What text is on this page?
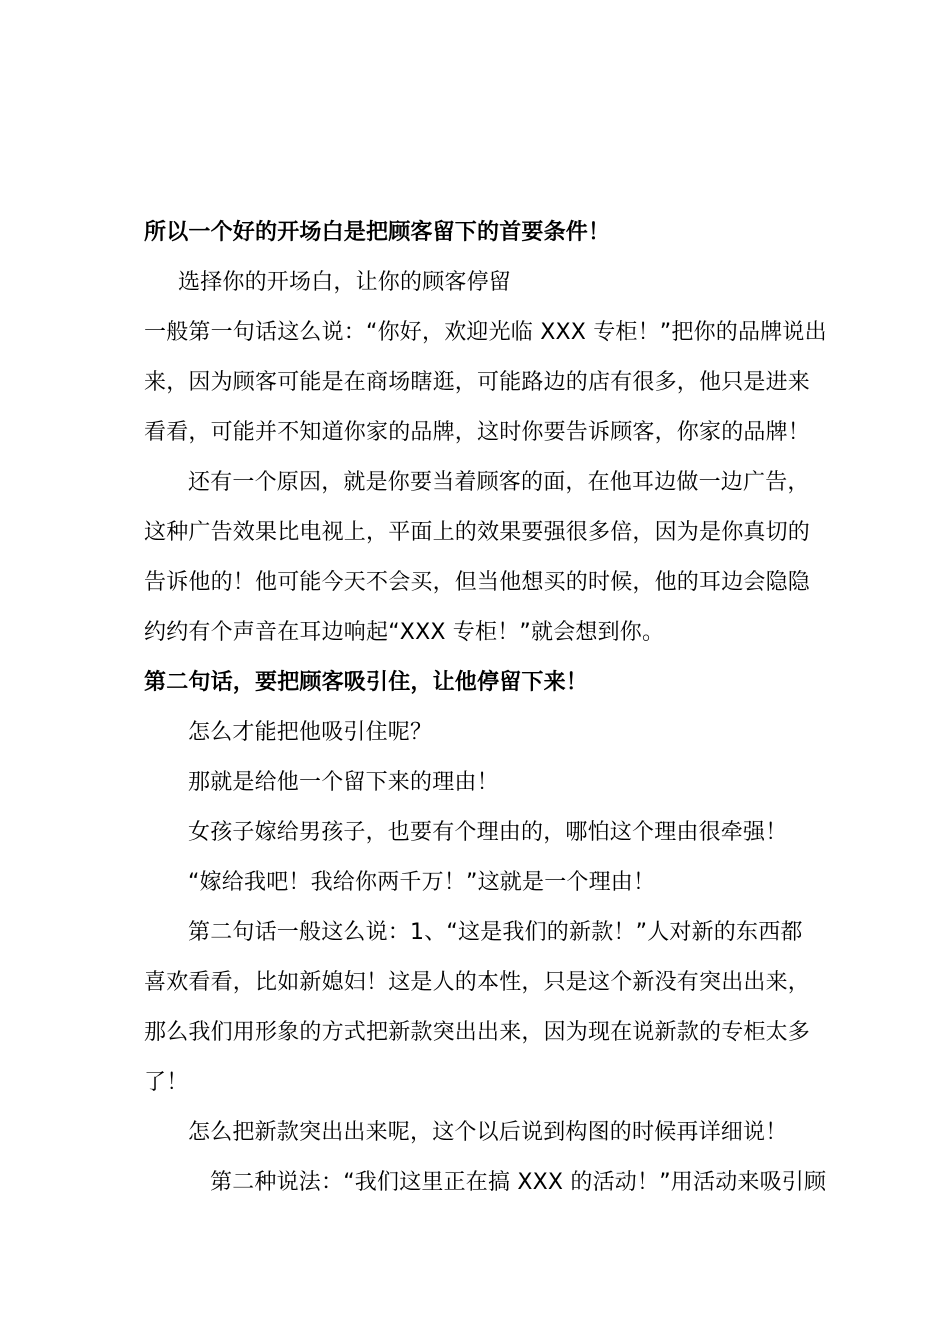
所以一个好的开场白是把顾客留下的首要条件！
选择你的开场白，让你的顾客停留
一般第一句话这么说：“你好，欢迎光临 XXX 专柜！”把你的品牌说出
来，因为顾客可能是在商场瞎逛，可能路边的店有很多，他只是进来
看看，可能并不知道你家的品牌，这时你要告诉顾客，你家的品牌！
还有一个原因，就是你要当着顾客的面，在他耳边做一边广告，
这种广告效果比电视上，平面上的效果要强很多倍，因为是你真切的
告诉他的！他可能今天不会买，但当他想买的时候，他的耳边会隐隐
约约有个声音在耳边响起“XXX 专柜！”就会想到你。
第二句话，要把顾客吸引住，让他停留下来！
怎么才能把他吸引住呢？
那就是给他一个留下来的理由！
女孩子嫁给男孩子，也要有个理由的，哪怕这个理由很牵强！
“嫁给我吧！我给你两千万！”这就是一个理由！
第二句话一般这么说：1、“这是我们的新款！”人对新的东西都
喜欢看看，比如新媳妇！这是人的本性，只是这个新没有突出出来，
那么我们用形象的方式把新款突出出来，因为现在说新款的专柜太多
了！
怎么把新款突出出来呢，这个以后说到构图的时候再详细说！
第二种说法：“我们这里正在搞 XXX 的活动！”用活动来吸引顾
